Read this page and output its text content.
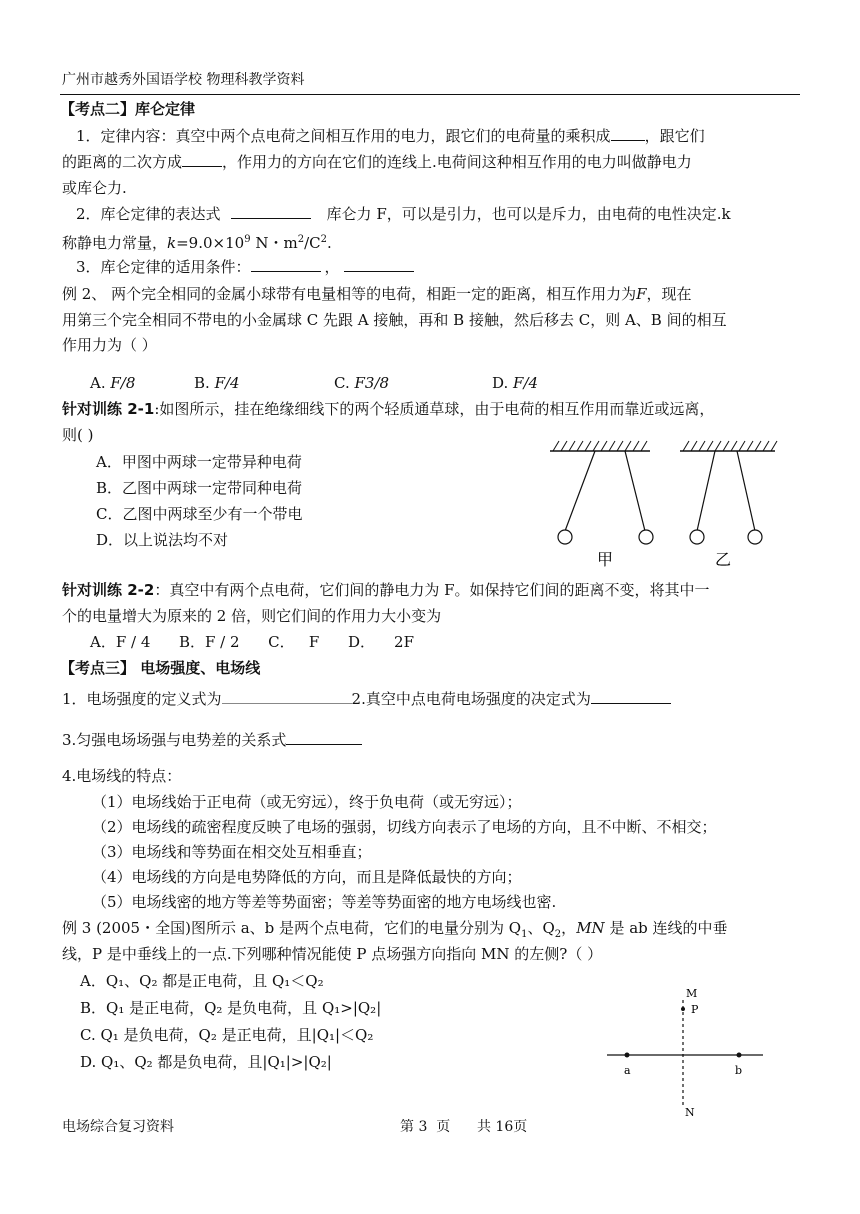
广州市越秀外国语学校 物理科教学资料
【考点二】库仑定律
1．定律内容：真空中两个点电荷之间相互作用的电力，跟它们的电荷量的乘积成 ，跟它们
的距离的二次方成	，作用力的方向在它们的连线上.电荷间这种相互作用的电力叫做静电力
或库仑力.
2．库仑定律的表达式	库仑力 F，可以是引力，也可以是斥力，由电荷的电性决定.k
称静电力常量，$k=9.0\times 10^9$ N・$m^2/C^2$.
3．库仑定律的适用条件：	，
例 2、 两个完全相同的金属小球带有电量相等的电荷，相距一定的距离，相互作用力为F，现在
用第三个完全相同不带电的小金属球 C 先跟 A 接触，再和 B 接触，然后移去 C，则 A、B 间的相互
作用力为（ ）
A. F/8	B. F/4	C. F3/8	D. F/4
针对训练 2-1:如图所示，挂在绝缘细线下的两个轻质通草球，由于电荷的相互作用而靠近或远离，
则( )
A．甲图中两球一定带异种电荷
B．乙图中两球一定带同种电荷
C．乙图中两球至少有一个带电
D．以上说法均不对
甲	乙
针对训练 2-2：真空中有两个点电荷，它们间的静电力为 F。如保持它们间的距离不变，将其中一
个的电量增大为原来的 2 倍，则它们间的作用力大小变为
A．F / 4      B．F / 2      C．   F      D．    2F
【考点三】 电场强度、电场线
1．电场强度的定义式为	2.真空中点电荷电场强度的决定式为
3.匀强电场场强与电势差的关系式
4.电场线的特点：
（1）电场线始于正电荷（或无穷远），终于负电荷（或无穷远）；
（2）电场线的疏密程度反映了电场的强弱，切线方向表示了电场的方向，且不中断、不相交；
（3）电场线和等势面在相交处互相垂直；
（4）电场线的方向是电势降低的方向，而且是降低最快的方向；
（5）电场线密的地方等差等势面密；等差等势面密的地方电场线也密.
例 3 (2005・全国)图所示 a、b 是两个点电荷，它们的电量分别为 $Q_1$、$Q_2$，MN 是 ab 连线的中垂
线，P 是中垂线上的一点.下列哪种情况能使 P 点场强方向指向 MN 的左侧?（ ）
A．Q₁、Q₂ 都是正电荷，且 Q₁＜Q₂
B．Q₁ 是正电荷，Q₂ 是负电荷，且 Q₁>|Q₂|
C. Q₁ 是负电荷，Q₂ 是正电荷，且|Q₁|＜Q₂
D. Q₁、Q₂ 都是负电荷，且|Q₁|>|Q₂|
M
P
a	b
N
电场综合复习资料	第 3  页      共 16页
